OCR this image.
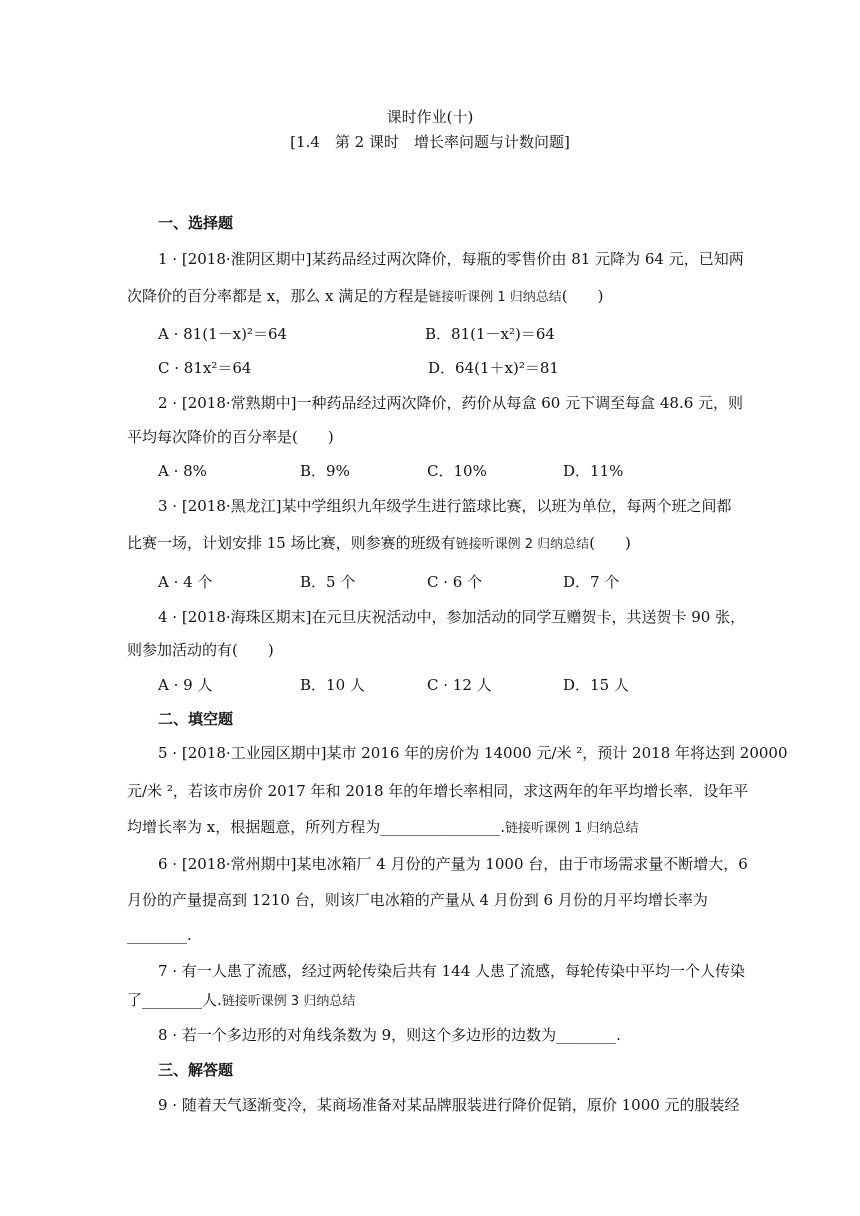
课时作业(十)
[1.4　第 2 课时　增长率问题与计数问题]
一、选择题
1 · [2018·淮阴区期中]某药品经过两次降价，每瓶的零售价由 81 元降为 64 元，已知两
次降价的百分率都是 x，那么 x 满足的方程是链接听课例 1 归纳总结(　　)
A · 81(1－x)²＝64	B．81(1－x²)＝64
C · 81x²＝64	D．64(1＋x)²＝81
2 · [2018·常熟期中]一种药品经过两次降价，药价从每盒 60 元下调至每盒 48.6 元，则
平均每次降价的百分率是(　　)
A · 8%	B．9%	C．10%	D．11%
3 · [2018·黑龙江]某中学组织九年级学生进行篮球比赛，以班为单位，每两个班之间都
比赛一场，计划安排 15 场比赛，则参赛的班级有链接听课例 2 归纳总结(　　)
A · 4 个	B．5 个	C · 6 个	D．7 个
4 · [2018·海珠区期末]在元旦庆祝活动中，参加活动的同学互赠贺卡，共送贺卡 90 张，
则参加活动的有(　　)
A · 9 人	B．10 人	C · 12 人	D．15 人
二、填空题
5 · [2018·工业园区期中]某市 2016 年的房价为 14000 元/米 ²，预计 2018 年将达到 20000
元/米 ²，若该市房价 2017 年和 2018 年的年增长率相同，求这两年的年平均增长率．设年平
均增长率为 x，根据题意，所列方程为________________.链接听课例 1 归纳总结
6 · [2018·常州期中]某电冰箱厂 4 月份的产量为 1000 台，由于市场需求量不断增大，6
月份的产量提高到 1210 台，则该厂电冰箱的产量从 4 月份到 6 月份的月平均增长率为
________.
7 · 有一人患了流感，经过两轮传染后共有 144 人患了流感，每轮传染中平均一个人传染
了________人.链接听课例 3 归纳总结
8 · 若一个多边形的对角线条数为 9，则这个多边形的边数为________.
三、解答题
9 · 随着天气逐渐变冷，某商场准备对某品牌服装进行降价促销，原价 1000 元的服装经
